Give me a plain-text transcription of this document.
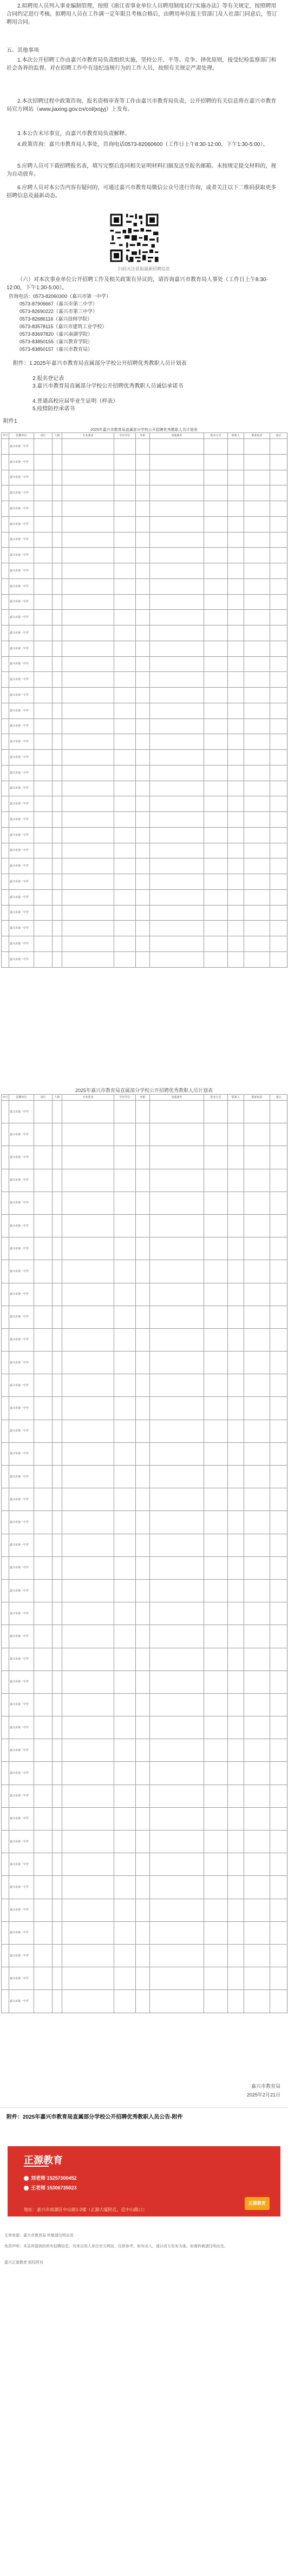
2.拟聘用人员列入事业编制管理，按照《浙江省事业单位人员聘用制度试行实施办法》等有关规定，按照聘用合同约定进行考核。拟聘用人员在工作满一定年限且考核合格后，由聘用单位报主管部门及人社部门同意后，签订聘用合同。
五、其他事项
1.本次公开招聘工作由嘉兴市教育局负责组织实施，坚持公开、平等、竞争、择优原则，接受纪检监察部门和社会各界的监督。对在招聘工作中有违纪违规行为的工作人员，按照有关规定严肃处理。
2.本次招聘过程中政策咨询、报名资格审查等工作由嘉兴市教育局负责，公开招聘的有关信息将在嘉兴市教育局官方网站（www.jiaxing.gov.cn/col/jxsjyj）上发布。
3.本公告未尽事宜，由嘉兴市教育局负责解释。
4.政策咨询：嘉兴市教育局人事处，咨询电话0573-82060600（工作日上午8:30-12:00，下午1:30-5:00）。
5.应聘人员可下载招聘报名表，填写完整后连同相关证明材料扫描发送至报名邮箱。未按规定提交材料的，视为自动放弃。
6.应聘人员对本公告内容有疑问的，可通过嘉兴市教育局微信公众号进行咨询，或者关注以下二维码获取更多招聘信息及最新动态。
扫码关注获取最新招聘信息
（六）对本次事业单位公开招聘工作及相关政策有异议的，请咨询嘉兴市教育局人事处（工作日上午8:30-12:00，下午1:30-5:00）。
咨询电话：0573-82060300（嘉兴市第一中学）
0573-87906667（嘉兴市第二中学）
0573-82690222（嘉兴市第三中学）
0573-82686116（嘉兴技师学院）
0573-83578115（嘉兴市建筑工业学校）
0573-83697820（嘉兴南湖学院）
0573-83850155（嘉兴教育学院）
0573-83850157（嘉兴市教育局）
附件：1.2025年嘉兴市教育局直属部分学校公开招聘优秀教职人员计划表
2.报名登记表
3.嘉兴市教育局直属部分学校公开招聘优秀教职人员诚信承诺书
4.普通高校应届毕业生证明（样表）
5.疫情防控承诺书
附件1
2025年嘉兴市教育局直属部分学校公开招聘优秀教职人员计划表
序号	招聘单位	岗位	人数	专业要求	学历学位	年龄	其他条件	报名方式	联系人	联系电话	备注
	嘉兴市第一中学										
	嘉兴市第一中学										
	嘉兴市第一中学										
	嘉兴市第一中学										
	嘉兴市第一中学										
	嘉兴市第一中学										
	嘉兴市第一中学										
	嘉兴市第一中学										
	嘉兴市第一中学										
	嘉兴市第一中学										
	嘉兴市第一中学										
	嘉兴市第一中学										
	嘉兴市第一中学										
	嘉兴市第一中学										
	嘉兴市第一中学										
	嘉兴市第一中学										
	嘉兴市第一中学										
	嘉兴市第一中学										
	嘉兴市第一中学										
	嘉兴市第一中学										
	嘉兴市第一中学										
	嘉兴市第一中学										
	嘉兴市第一中学										
	嘉兴市第一中学										
	嘉兴市第一中学										
	嘉兴市第一中学										
	嘉兴市第一中学										
	嘉兴市第一中学										
	嘉兴市第一中学										
	嘉兴市第一中学										
	嘉兴市第一中学										
	嘉兴市第一中学										
	嘉兴市第一中学										
	嘉兴市第一中学										
2025年嘉兴市教育局直属部分学校公开招聘优秀教职人员计划表
序号	招聘单位	岗位	人数	专业要求	学历学位	年龄	其他条件	报名方式	联系人	联系电话	备注
	嘉兴市第一中学										
	嘉兴市第一中学										
	嘉兴市第一中学										
	嘉兴市第一中学										
	嘉兴市第一中学										
	嘉兴市第一中学										
	嘉兴市第一中学										
	嘉兴市第一中学										
	嘉兴市第一中学										
	嘉兴市第一中学										
	嘉兴市第一中学										
	嘉兴市第一中学										
	嘉兴市第一中学										
	嘉兴市第一中学										
	嘉兴市第一中学										
	嘉兴市第一中学										
	嘉兴市第一中学										
	嘉兴市第一中学										
	嘉兴市第一中学										
	嘉兴市第一中学										
	嘉兴市第一中学										
	嘉兴市第一中学										
	嘉兴市第一中学										
	嘉兴市第一中学										
	嘉兴市第一中学										
	嘉兴市第一中学										
	嘉兴市第一中学										
	嘉兴市第一中学										
	嘉兴市第一中学										
	嘉兴市第一中学										
	嘉兴市第一中学										
	嘉兴市第一中学										
	嘉兴市第一中学										
	嘉兴市第一中学										
	嘉兴市第一中学										
	嘉兴市第一中学										
	嘉兴市第一中学										
	嘉兴市第一中学										
	嘉兴市第一中学										
	嘉兴市第一中学										
嘉兴市教育局
2025年2月21日
附件：2025年嘉兴市教育局直属部分学校公开招聘优秀教职人员公告-附件
正源教育
刘老师 15257300452
王老师 15306735023
地址：嘉兴市南湖区中山路1-2楼（正源大厦附近，近中山路口）
正源教育
文章来源：嘉兴市教育局 转载请注明出处
免责声明：本站所提供的所有招聘信息，均来自用人单位官方网站，仅供参考，如有出入，请以官方发布为准。如需转载请注明出处。
嘉兴正源教育 版权所有
